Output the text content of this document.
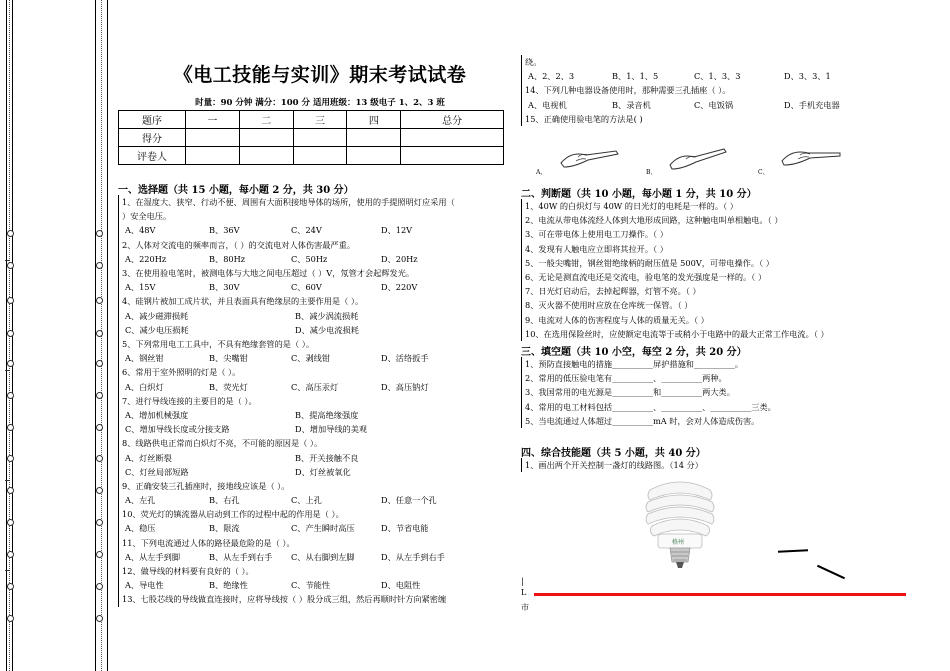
《电工技能与实训》期末考试试卷
时量：90 分钟 满分：100 分 适用班级：13 级电子 1、2、3 班
题序	一	二	三	四	总分
得分					
评卷人					
一、选择题（共 15 小题，每小题 2 分，共 30 分）
1、在湿度大、狭窄、行动不便、周围有大面积接地导体的场所，使用的手提照明灯应采用（
）安全电压。
A、48V	B、36V	C、24V	D、12V
2、人体对交流电的频率而言，（ ）的交流电对人体伤害最严重。
A、220Hz	B、80Hz	C、50Hz	D、20Hz
3、在使用验电笔时，被测电体与大地之间电压超过（ ）V，氖管才会起辉发光。
A、15V	B、30V	C、60V	D、220V
4、硅钢片被加工成片状，并且表面具有绝缘层的主要作用是（ ）。
A、减少磁滞损耗	B、减少涡流损耗
C、减少电压损耗	D、减少电流损耗
5、下列常用电工工具中，不具有绝缘套管的是（ ）。
A、钢丝钳	B、尖嘴钳	C、剥线钳	D、活络扳手
6、常用于室外照明的灯是（ ）。
A、白炽灯	B、荧光灯	C、高压汞灯	D、高压钠灯
7、进行导线连接的主要目的是（ ）。
A、增加机械强度	B、提高绝缘强度
C、增加导线长度或分接支路	D、增加导线的美观
8、线路供电正常而白炽灯不亮，不可能的原因是（ ）。
A、灯丝断裂	B、开关接触不良
C、灯丝局部短路	D、灯丝被氧化
9、正确安装三孔插座时，接地线应该是（ ）。
A、左孔	B、右孔	C、上孔	D、任意一个孔
10、荧光灯的镇流器从启动到工作的过程中起的作用是（ ）。
A、稳压	B、限流	C、产生瞬时高压	D、节省电能
11、下列电流通过人体的路径最危险的是（ ）。
A、从左手到脚	B、从左手到右手 C、从右脚到左脚	D、从左手到右手
12、做导线的材料要有良好的（ ）。
A、导电性	B、绝缘性	C、节能性	D、电阻性
13、七股芯线的导线做直连接时，应将导线按（ ）股分成三组，然后再顺时针方向紧密缠
绕。
A、2、2、3	B、1、1、5	C、1、3、3	D、3、3、1
14、下列几种电器设备使用时，那种需要三孔插座（ ）。
A、电视机	B、录音机	C、电饭锅	D、手机充电器
15、正确使用验电笔的方法是( )
A、	B、	C、
二、判断题（共 10 小题，每小题 1 分，共 10 分）
1、40W 的白炽灯与 40W 的日光灯的电耗是一样的。（ ）
2、电流从带电体流经人体到大地形成回路，这种触电叫单相触电。（ ）
3、可在带电体上使用电工刀操作。（ ）
4、发现有人触电应立即将其拉开。（ ）
5、一般尖嘴钳，钢丝钳绝缘柄的耐压值是 500V，可带电操作。（ ）
6、无论是测直流电还是交流电，验电笔的发光强度是一样的。（ ）
7、日光灯启动后，去掉起辉器，灯管不亮。（ ）
8、灭火器不使用时应放在仓库统一保管。（ ）
9、电流对人体的伤害程度与人体的质量无关。（ ）
10、在选用保险丝时，应使额定电流等于或稍小于电路中的最大正常工作电流。（ ）
三、填空题（共 10 小空，每空 2 分，共 20 分）
1、预防直接触电的措施__________屏护措施和__________。
2、常用的低压验电笔有__________、__________两种。
3、我国常用的电光源是__________和__________两大类。
4、常用的电工材料包括__________、__________、__________三类。
5、当电流通过人体超过__________mA 时，会对人体造成伤害。
四、综合技能题（共 5 小题，共 40 分）
1、画出两个开关控制一盏灯的线路图。（14 分）
格州
|
L
市
